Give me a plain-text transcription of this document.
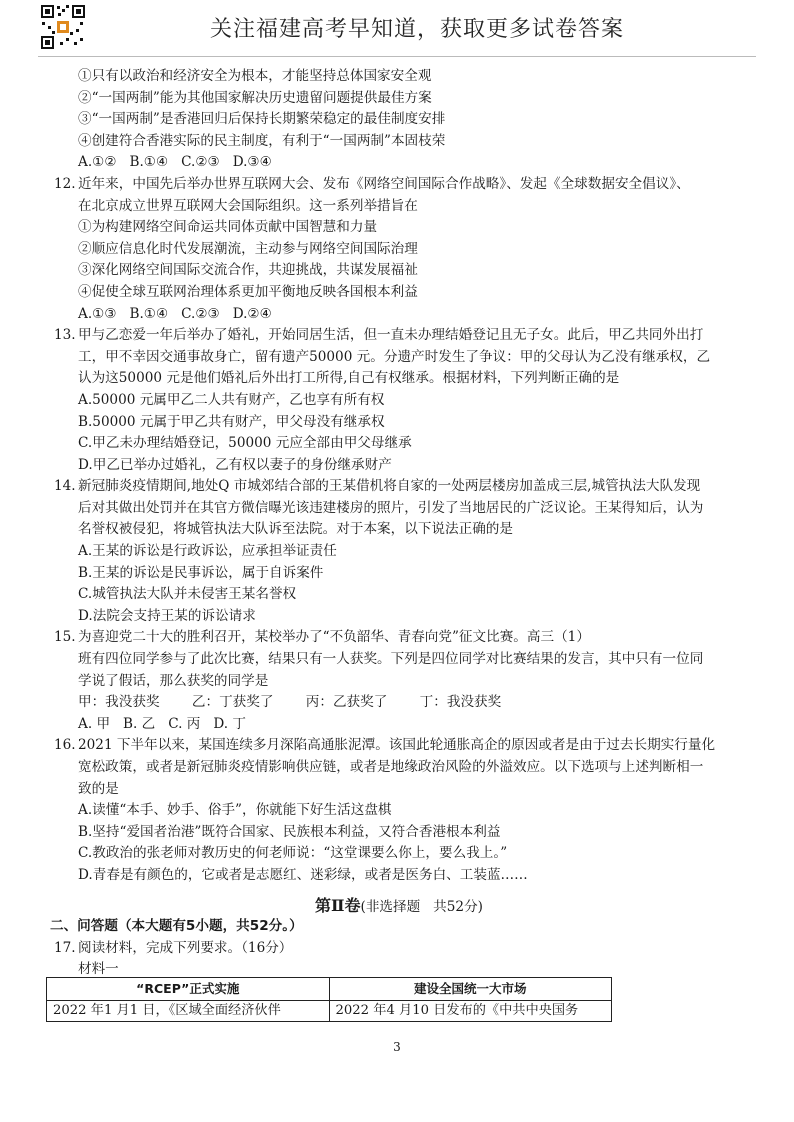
关注福建高考早知道，获取更多试卷答案
①只有以政治和经济安全为根本，才能坚持总体国家安全观
②“一国两制”能为其他国家解决历史遗留问题提供最佳方案
③“一国两制”是香港回归后保持长期繁荣稳定的最佳制度安排
④创建符合香港实际的民主制度，有利于“一国两制”本固枝荣
A.①②   B.①④   C.②③   D.③④
12. 近年来，中国先后举办世界互联网大会、发布《网络空间国际合作战略》、发起《全球数据安全倡议》、
在北京成立世界互联网大会国际组织。这一系列举措旨在
①为构建网络空间命运共同体贡献中国智慧和力量
②顺应信息化时代发展潮流，主动参与网络空间国际治理
③深化网络空间国际交流合作，共迎挑战，共谋发展福祉
④促使全球互联网治理体系更加平衡地反映各国根本利益
A.①③   B.①④   C.②③   D.②④
13. 甲与乙恋爱一年后举办了婚礼，开始同居生活，但一直未办理结婚登记且无子女。此后，甲乙共同外出打
工，甲不幸因交通事故身亡，留有遗产50000 元。分遗产时发生了争议：甲的父母认为乙没有继承权，乙
认为这50000 元是他们婚礼后外出打工所得,自己有权继承。根据材料，下列判断正确的是
A.50000 元属甲乙二人共有财产，乙也享有所有权
B.50000 元属于甲乙共有财产，甲父母没有继承权
C.甲乙未办理结婚登记，50000 元应全部由甲父母继承
D.甲乙已举办过婚礼，乙有权以妻子的身份继承财产
14. 新冠肺炎疫情期间,地处Q 市城郊结合部的王某借机将自家的一处两层楼房加盖成三层,城管执法大队发现
后对其做出处罚并在其官方微信曝光该违建楼房的照片，引发了当地居民的广泛议论。王某得知后，认为
名誉权被侵犯，将城管执法大队诉至法院。对于本案，以下说法正确的是
A.王某的诉讼是行政诉讼，应承担举证责任
B.王某的诉讼是民事诉讼，属于自诉案件
C.城管执法大队并未侵害王某名誉权
D.法院会支持王某的诉讼请求
15. 为喜迎党二十大的胜利召开，某校举办了“不负韶华、青春向党”征文比赛。高三（1）
班有四位同学参与了此次比赛，结果只有一人获奖。下列是四位同学对比赛结果的发言，其中只有一位同
学说了假话，那么获奖的同学是
甲：我没获奖 乙：丁获奖了 丙：乙获奖了 丁：我没获奖
A. 甲   B. 乙   C. 丙   D. 丁
16. 2021 下半年以来，某国连续多月深陷高通胀泥潭。该国此轮通胀高企的原因或者是由于过去长期实行量化
宽松政策，或者是新冠肺炎疫情影响供应链，或者是地缘政治风险的外溢效应。以下选项与上述判断相一
致的是
A.读懂“本手、妙手、俗手”，你就能下好生活这盘棋
B.坚持“爱国者治港”既符合国家、民族根本利益，又符合香港根本利益
C.教政治的张老师对教历史的何老师说：“这堂课要么你上，要么我上。”
D.青春是有颜色的，它或者是志愿红、迷彩绿，或者是医务白、工装蓝……
第Ⅱ卷(非选择题   共52分)
二、问答题（本大题有5小题，共52分。）
17. 阅读材料，完成下列要求。（16分）
材料一
“RCEP”正式实施	建设全国统一大市场
2022 年1 月1 日，《区域全面经济伙伴	2022 年4 月10 日发布的《中共中央国务
3
